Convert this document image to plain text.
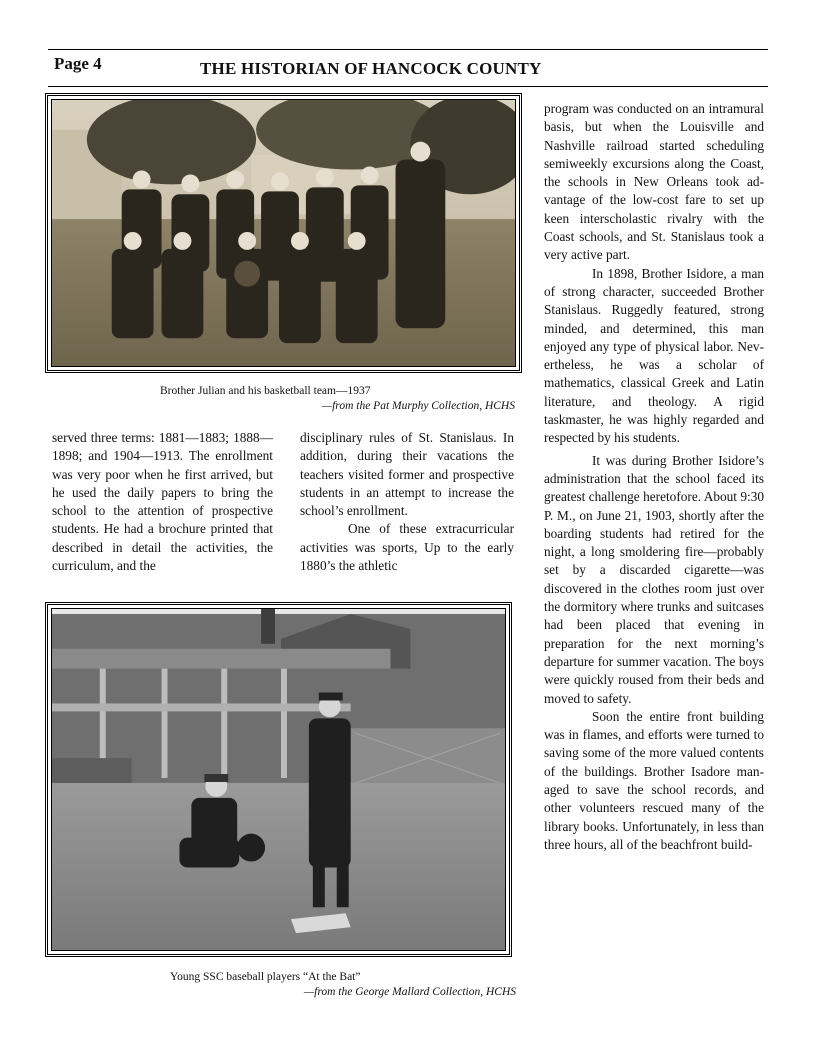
Page 4	THE HISTORIAN OF HANCOCK COUNTY
Brother Julian and his basketball team—1937
—from the Pat Murphy Collection, HCHS

served three terms: 1881—1883; 1888—1898; and 1904—1913. The enrollment was very poor when he first arrived, but he used the daily papers to bring the school to the attention of prospective students. He had a brochure printed that described in detail the activities, the curriculum, and the

disciplinary rules of St. Stanislaus. In addition, during their vacations the teachers visited former and prospective students in an attempt to increase the school’s enrollment.

One of these extracurricular activities was sports, Up to the early 1880’s the athletic

Young SSC baseball players “At the Bat”
—from the George Mallard Collection, HCHS

program was conducted on an intramural basis, but when the Louisville and Nashville railroad started scheduling semiweekly excursions along the Coast, the schools in New Orleans took advantage of the low-cost fare to set up keen interscholastic rivalry with the Coast schools, and St. Stanislaus took a very active part.

In 1898, Brother Isidore, a man of strong character, succeeded Brother Stanislaus. Ruggedly featured, strong minded, and determined, this man enjoyed any type of physical labor. Nevertheless, he was a scholar of mathematics, classical Greek and Latin literature, and theology. A rigid taskmaster, he was highly regarded and respected by his students.

It was during Brother Isidore’s administration that the school faced its greatest challenge heretofore. About 9:30 P. M., on June 21, 1903, shortly after the boarding students had retired for the night, a long smoldering fire—probably set by a discarded cigarette—was discovered in the clothes room just over the dormitory where trunks and suitcases had been placed that evening in preparation for the next morning’s departure for summer vacation. The boys were quickly roused from their beds and moved to safety.

Soon the entire front building was in flames, and efforts were turned to saving some of the more valued contents of the buildings. Brother Isadore managed to save the school records, and other volunteers rescued many of the library books. Unfortunately, in less than three hours, all of the beachfront build-
